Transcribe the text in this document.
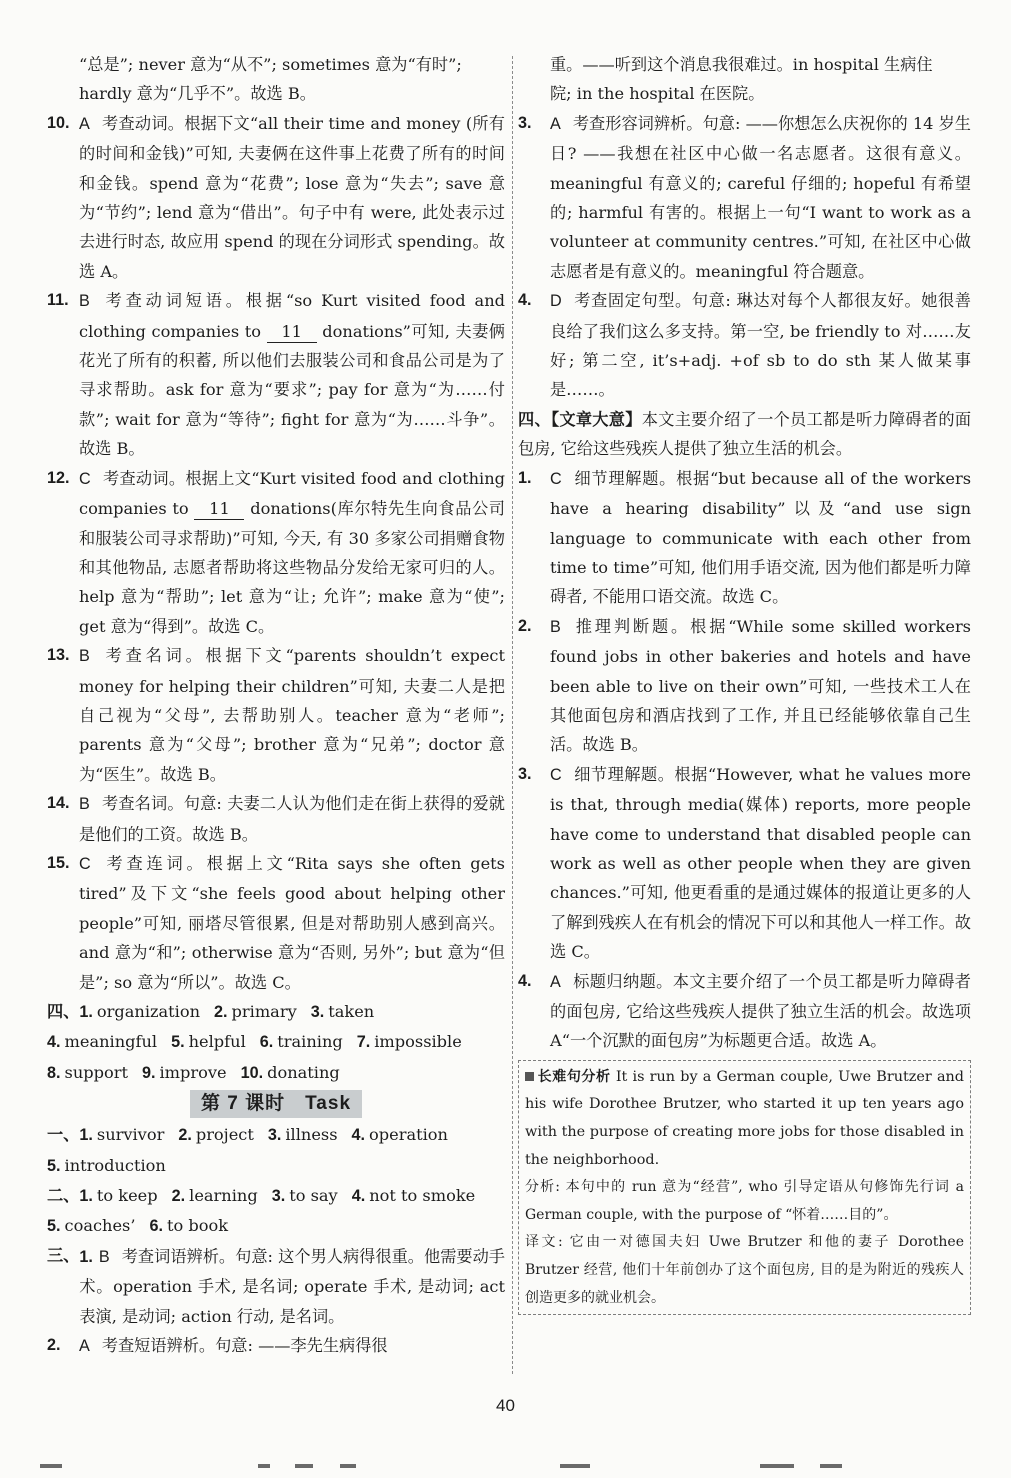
“总是”; never 意为“从不”; sometimes 意为“有时”;

hardly 意为“几乎不”。故选 B。

10. A 考查动词。根据下文“all their time and money (所有的时间和金钱)”可知, 夫妻俩在这件事上花费了所有的时间和金钱。spend 意为“花费”; lose 意为“失去”; save 意为“节约”; lend 意为“借出”。句子中有 were, 此处表示过去进行时态, 故应用 spend 的现在分词形式 spending。故选 A。
11. B 考查动词短语。根据“so Kurt visited food and clothing companies to 11 donations”可知, 夫妻俩花光了所有的积蓄, 所以他们去服装公司和食品公司是为了寻求帮助。ask for 意为“要求”; pay for 意为“为……付款”; wait for 意为“等待”; fight for 意为“为……斗争”。故选 B。
12. C 考查动词。根据上文“Kurt visited food and clothing companies to 11 donations(库尔特先生向食品公司和服装公司寻求帮助)”可知, 今天, 有 30 多家公司捐赠食物和其他物品, 志愿者帮助将这些物品分发给无家可归的人。help 意为“帮助”; let 意为“让; 允许”; make 意为“使”; get 意为“得到”。故选 C。
13. B 考查名词。根据下文“parents shouldn’t expect money for helping their children”可知, 夫妻二人是把自己视为“父母”, 去帮助别人。teacher 意为“老师”; parents 意为“父母”; brother 意为“兄弟”; doctor 意为“医生”。故选 B。
14. B 考查名词。句意: 夫妻二人认为他们走在街上获得的爱就是他们的工资。故选 B。
15. C 考查连词。根据上文“Rita says she often gets tired”及下文“she feels good about helping other people”可知, 丽塔尽管很累, 但是对帮助别人感到高兴。and 意为“和”; otherwise 意为“否则, 另外”; but 意为“但是”; so 意为“所以”。故选 C。

四、1. organization 2. primary 3. taken

4. meaningful 5. helpful 6. training 7. impossible

8. support 9. improve 10. donating

第 7 课时　Task

一、1. survivor 2. project 3. illness 4. operation

5. introduction

二、1. to keep 2. learning 3. to say 4. not to smoke

5. coaches’ 6. to book

三、 1. B 考查词语辨析。句意: 这个男人病得很重。他需要动手术。operation 手术, 是名词; operate 手术, 是动词; act 表演, 是动词; action 行动, 是名词。
2.	A 考查短语辨析。句意: ——李先生病得很

重。——听到这个消息我很难过。in hospital 生病住

院; in the hospital 在医院。

3.	A 考查形容词辨析。句意: ——你想怎么庆祝你的 14 岁生日? ——我想在社区中心做一名志愿者。这很有意义。meaningful 有意义的; careful 仔细的; hopeful 有希望的; harmful 有害的。根据上一句“I want to work as a volunteer at community centres.”可知, 在社区中心做志愿者是有意义的。meaningful 符合题意。
4.	D 考查固定句型。句意: 琳达对每个人都很友好。她很善良给了我们这么多支持。第一空, be friendly to 对……友好; 第二空, it’s+adj. +of sb to do sth 某人做某事是……。

四、【文章大意】本文主要介绍了一个员工都是听力障碍者的面包房, 它给这些残疾人提供了独立生活的机会。

1.	C 细节理解题。根据“but because all of the workers have a hearing disability”以及“and use sign language to communicate with each other from time to time”可知, 他们用手语交流, 因为他们都是听力障碍者, 不能用口语交流。故选 C。
2.	B 推理判断题。根据“While some skilled workers found jobs in other bakeries and hotels and have been able to live on their own”可知, 一些技术工人在其他面包房和酒店找到了工作, 并且已经能够依靠自己生活。故选 B。
3.	C 细节理解题。根据“However, what he values more is that, through media(媒体) reports, more people have come to understand that disabled people can work as well as other people when they are given chances.”可知, 他更看重的是通过媒体的报道让更多的人了解到残疾人在有机会的情况下可以和其他人一样工作。故选 C。
4.	A 标题归纳题。本文主要介绍了一个员工都是听力障碍者的面包房, 它给这些残疾人提供了独立生活的机会。故选项 A“一个沉默的面包房”为标题更合适。故选 A。
长难句分析 It is run by a German couple, Uwe Brutzer and his wife Dorothee Brutzer, who started it up ten years ago with the purpose of creating more jobs for those disabled in the neighborhood.
分析: 本句中的 run 意为“经营”, who 引导定语从句修饰先行词 a German couple, with the purpose of “怀着……目的”。
译文: 它由一对德国夫妇 Uwe Brutzer 和他的妻子 Dorothee Brutzer 经营, 他们十年前创办了这个面包房, 目的是为附近的残疾人创造更多的就业机会。
40
